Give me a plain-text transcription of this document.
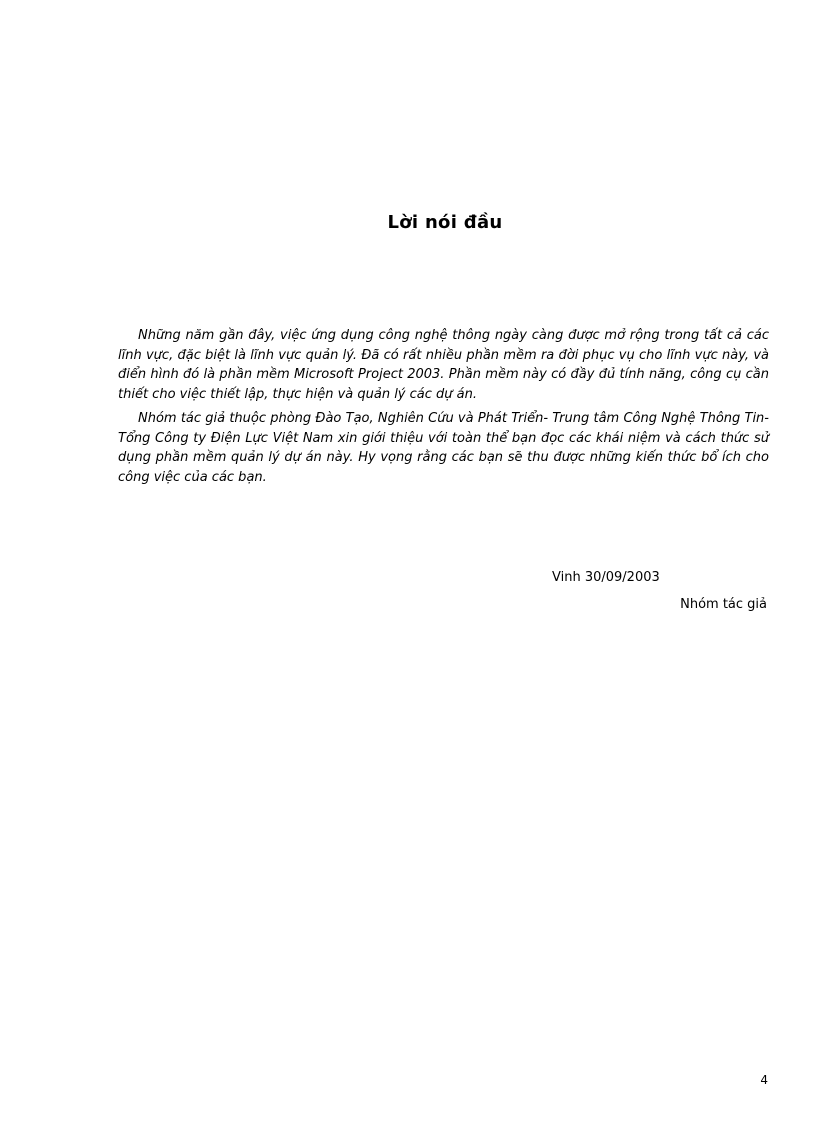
Lời nói đầu

Những năm gần đây, việc ứng dụng công nghệ thông ngày càng được mở rộng trong tất cả các lĩnh vực, đặc biệt là lĩnh vực quản lý. Đã có rất nhiều phần mềm ra đời phục vụ cho lĩnh vực này, và điển hình đó là phần mềm Microsoft Project 2003. Phần mềm này có đầy đủ tính năng, công cụ cần thiết cho việc thiết lập, thực hiện và quản lý các dự án.

Nhóm tác giả thuộc phòng Đào Tạo, Nghiên Cứu và Phát Triển- Trung tâm Công Nghệ Thông Tin- Tổng Công ty Điện Lực Việt Nam xin giới thiệu với toàn thể bạn đọc các khái niệm và cách thức sử dụng phần mềm quản lý dự án này. Hy vọng rằng các bạn sẽ thu được những kiến thức bổ ích cho công việc của các bạn.

Vinh 30/09/2003
Nhóm tác giả
4
